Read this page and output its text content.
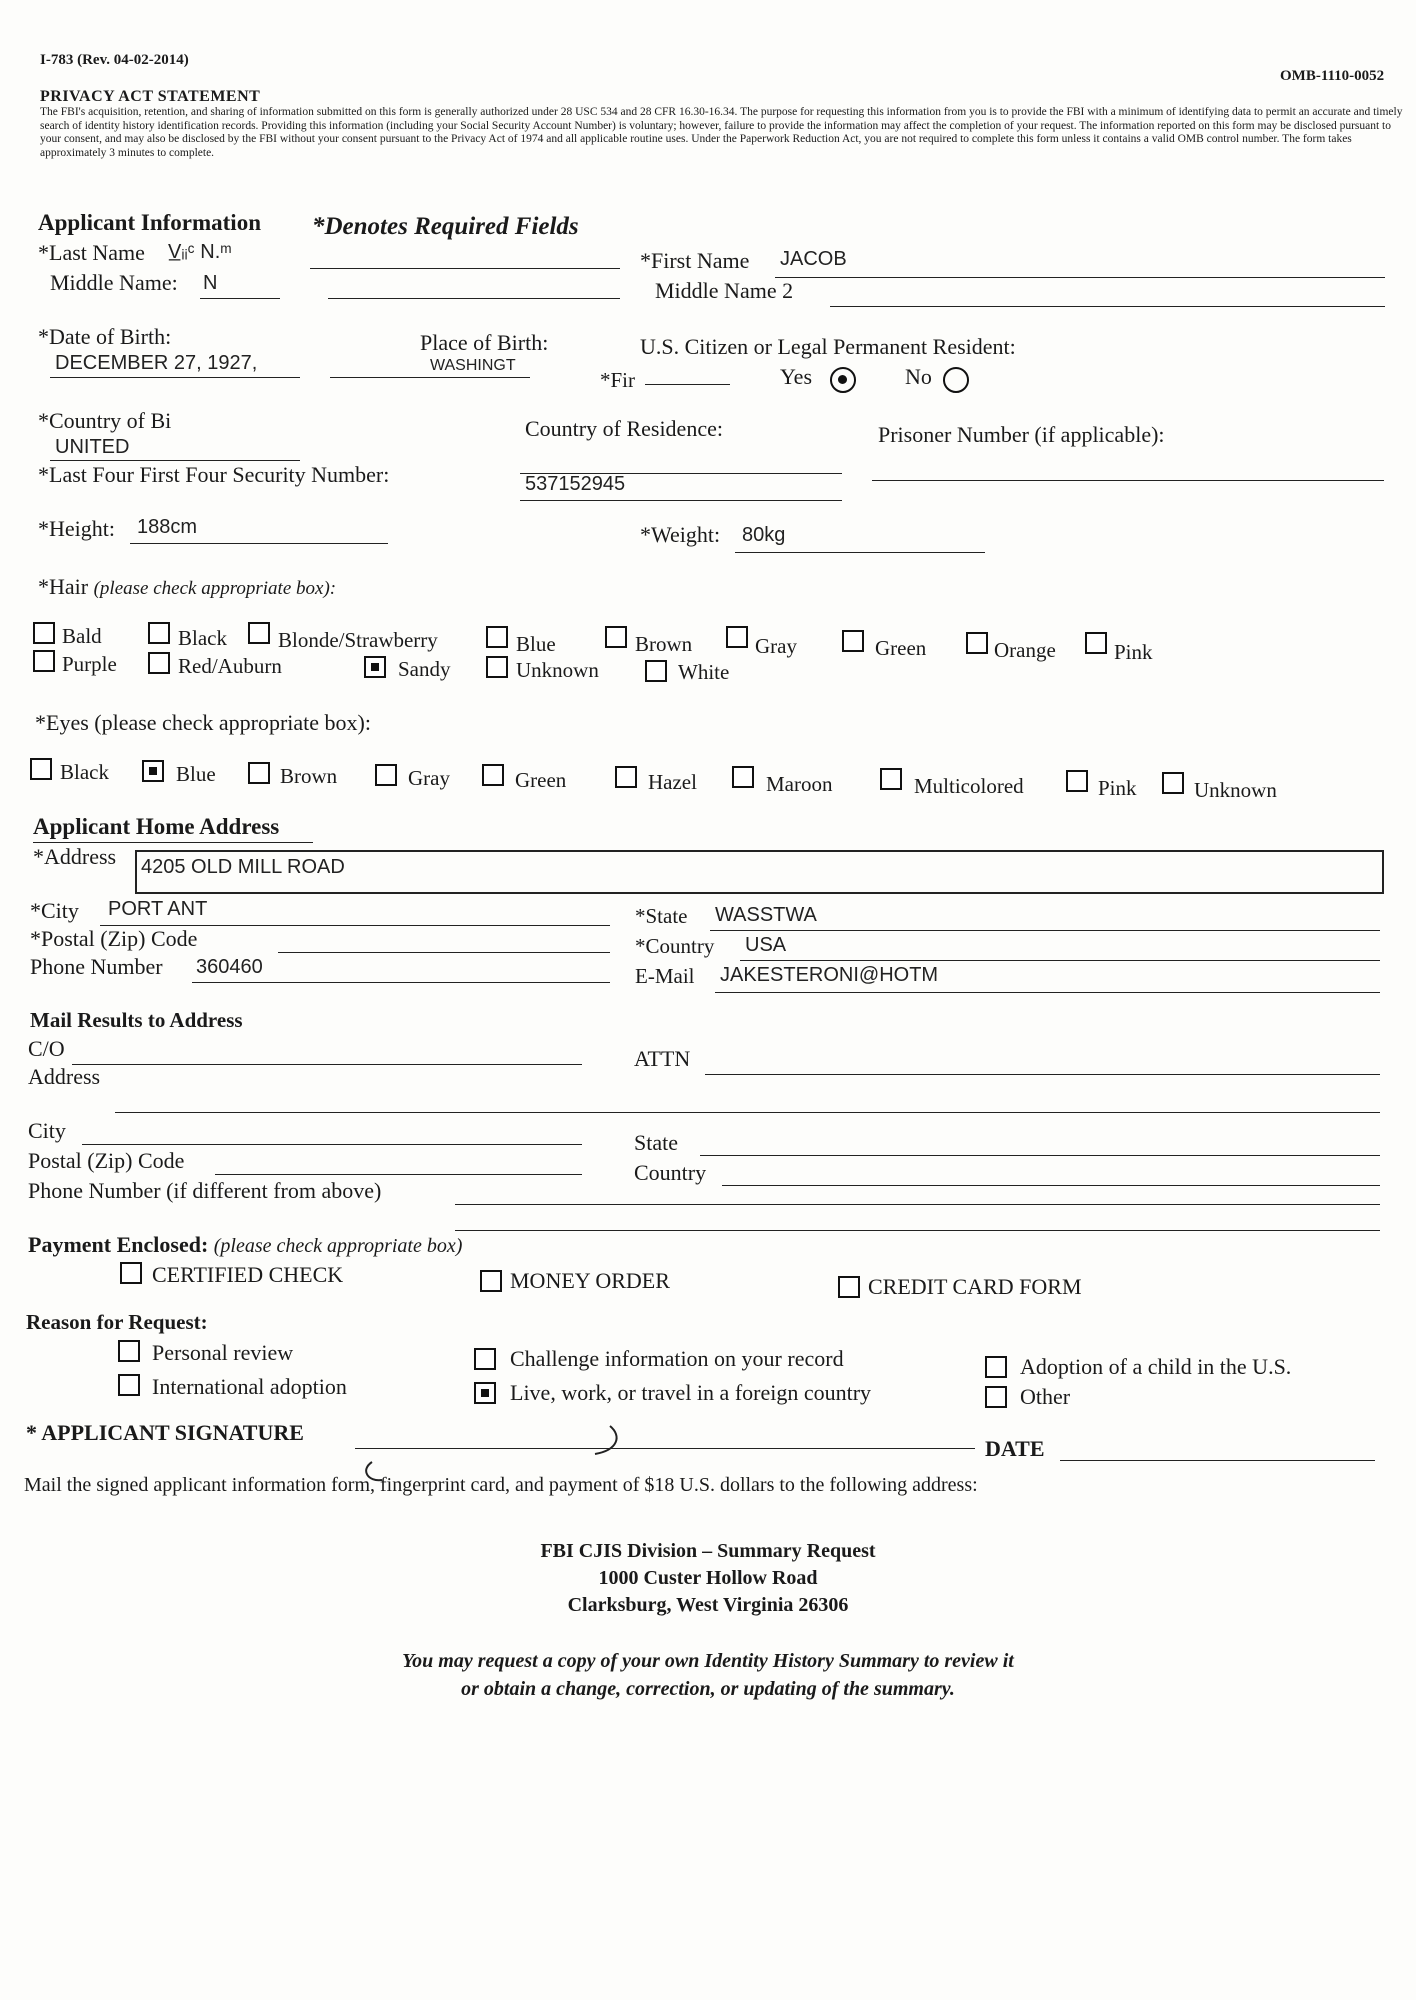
I-783 (Rev. 04-02-2014)
OMB-1110-0052
PRIVACY ACT STATEMENT
The FBI's acquisition, retention, and sharing of information submitted on this form is generally authorized under 28 USC 534 and 28 CFR 16.30-16.34. The purpose for requesting this information from you is to provide the FBI with a minimum of identifying data to permit an accurate and timely search of identity history identification records. Providing this information (including your Social Security Account Number) is voluntary; however, failure to provide the information may affect the completion of your request. The information reported on this form may be disclosed pursuant to your consent, and may also be disclosed by the FBI without your consent pursuant to the Privacy Act of 1974 and all applicable routine uses. Under the Paperwork Reduction Act, you are not required to complete this form unless it contains a valid OMB control number. The form takes approximately 3 minutes to complete.
Applicant Information *Denotes Required Fields
*Last Name V̲ᵢᵢᶜ N.ᵐ	*First Name JACOB
Middle Name: N	Middle Name 2
*Date of Birth:
DECEMBER 27, 1927,
Place of Birth:
WASHINGT
U.S. Citizen or Legal Permanent Resident:
*Fir	Yes	No
*Country of Bi
UNITED
Country of Residence:	Prisoner Number (if applicable):
*Last Four First Four Security Number:	537152945
*Height: 188cm	*Weight: 80kg
*Hair (please check appropriate box):
Bald	Black Blonde/Strawberry	Blue	Brown	Gray	Green	Orange	Pink
Purple	Red/Auburn	Sandy	Unknown	White
*Eyes (please check appropriate box):
Black	Blue	Brown	Gray	Green	Hazel	Maroon	Multicolored	Pink	Unknown
Applicant Home Address
*Address 4205 OLD MILL ROAD
*City PORT ANT	*State WASSTWA
*Postal (Zip) Code	*Country USA
Phone Number 360460	E-Mail JAKESTERONI@HOTM
Mail Results to Address
C/O	ATTN
Address
City	State
Postal (Zip) Code	Country
Phone Number (if different from above)
Payment Enclosed: (please check appropriate box)
CERTIFIED CHECK	MONEY ORDER	CREDIT CARD FORM
Reason for Request:
Personal review
International adoption
Challenge information on your record
Live, work, or travel in a foreign country
Adoption of a child in the U.S.
Other
* APPLICANT SIGNATURE
DATE
Mail the signed applicant information form, fingerprint card, and payment of $18 U.S. dollars to the following address:
FBI CJIS Division – Summary Request
1000 Custer Hollow Road
Clarksburg, West Virginia 26306
You may request a copy of your own Identity History Summary to review it
or obtain a change, correction, or updating of the summary.
